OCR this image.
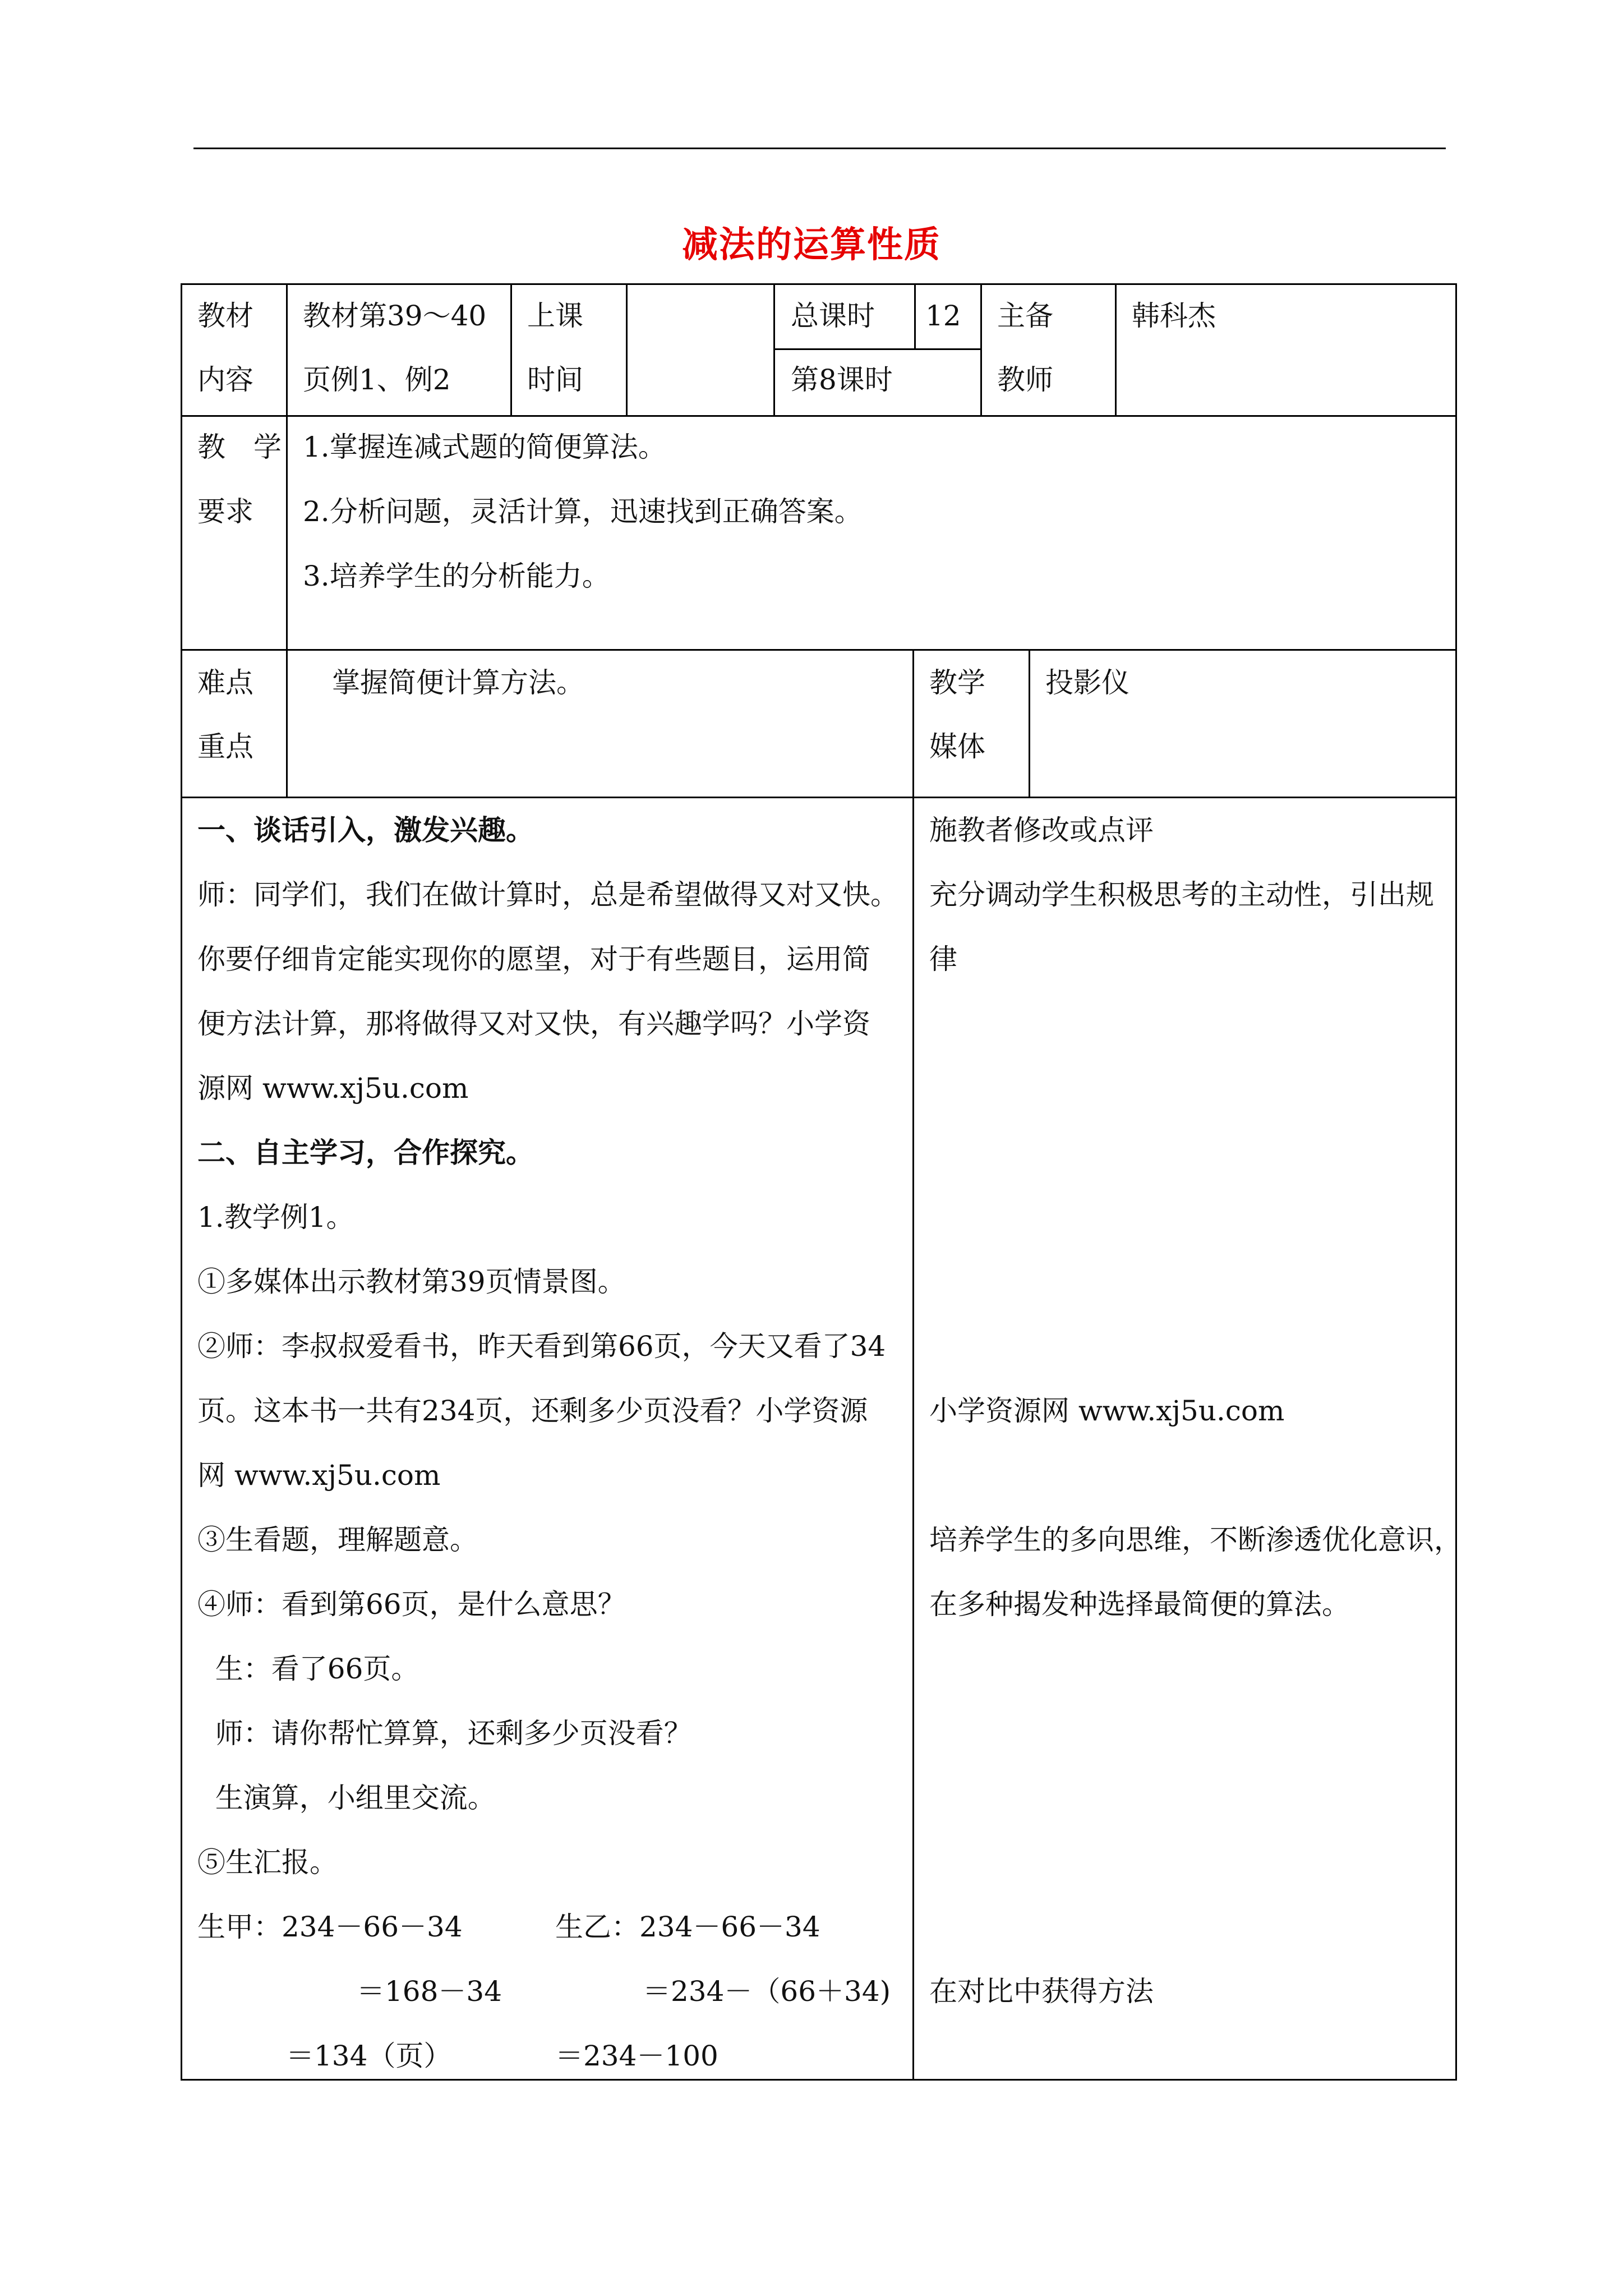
减法的运算性质
教材
内容
教材第39～40
页例1、例2
上课
时间
总课时 12
第8课时
主备
教师
韩科杰
教　学
要求
1.掌握连减式题的简便算法。
2.分析问题，灵活计算，迅速找到正确答案。
3.培养学生的分析能力。
难点
重点
掌握简便计算方法。	教学
媒体
投影仪
一、谈话引入，激发兴趣。
师：同学们，我们在做计算时，总是希望做得又对又快。
你要仔细肯定能实现你的愿望，对于有些题目，运用简
便方法计算，那将做得又对又快，有兴趣学吗？小学资
源网 www.xj5u.com
二、自主学习，合作探究。
1.教学例1。
①多媒体出示教材第39页情景图。
②师：李叔叔爱看书，昨天看到第66页，今天又看了34
页。这本书一共有234页，还剩多少页没看？小学资源
网 www.xj5u.com
③生看题，理解题意。
④师：看到第66页，是什么意思？
生：看了66页。
师：请你帮忙算算，还剩多少页没看？
生演算，小组里交流。
⑤生汇报。
生甲：234－66－34
＝168－34
＝134（页）
生乙：234－66－34
＝234－（66＋34)
＝234－100
施教者修改或点评
充分调动学生积极思考的主动性，引出规
律
小学资源网 www.xj5u.com
培养学生的多向思维，不断渗透优化意识，
在多种揭发种选择最简便的算法。
在对比中获得方法
